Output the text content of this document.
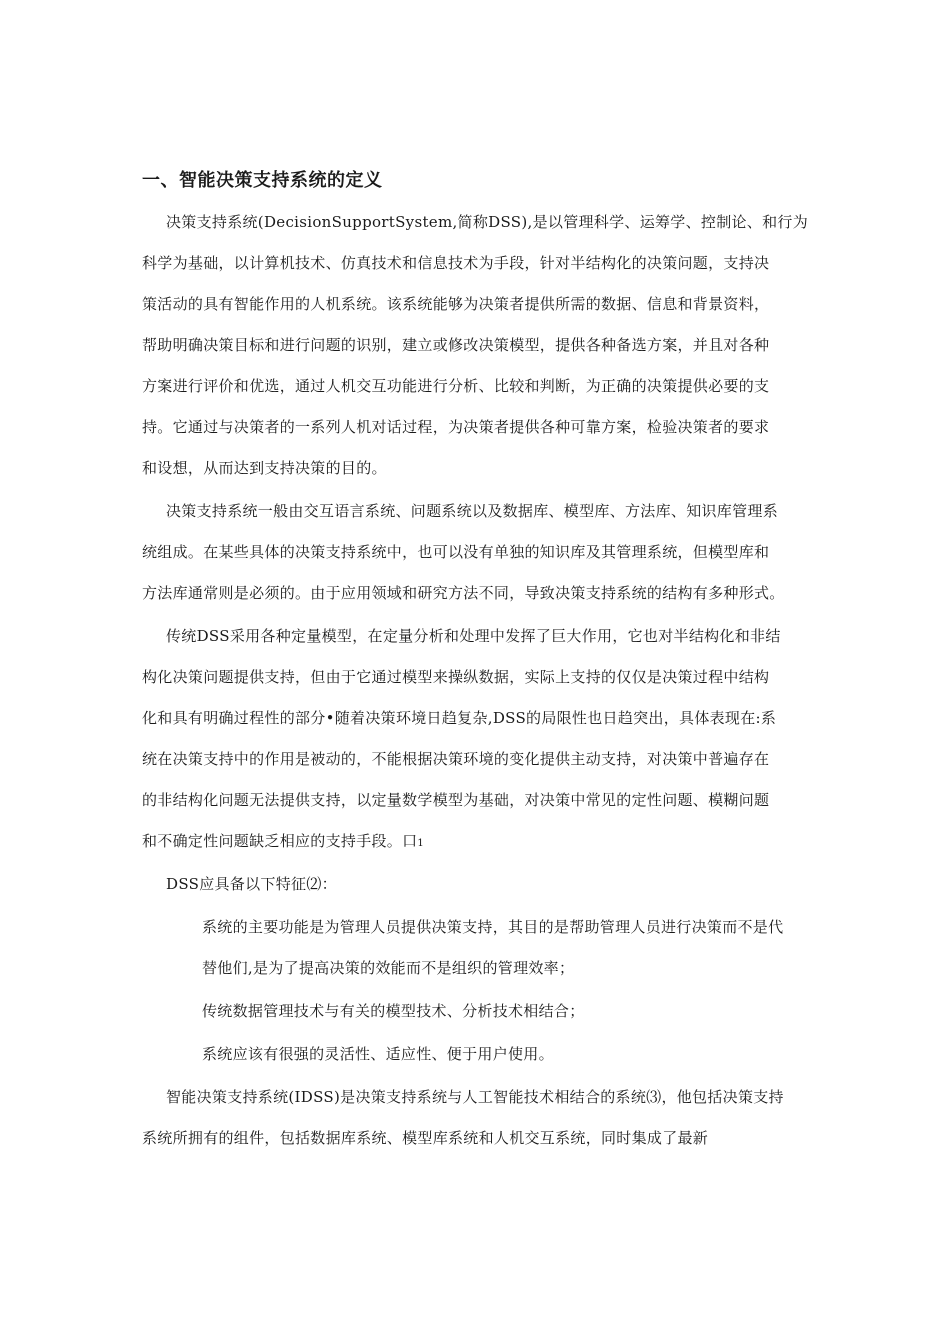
一、智能决策支持系统的定义
决策支持系统(DecisionSupportSystem,简称DSS),是以管理科学、运筹学、控制论、和行为
科学为基础，以计算机技术、仿真技术和信息技术为手段，针对半结构化的决策问题，支持决
策活动的具有智能作用的人机系统。该系统能够为决策者提供所需的数据、信息和背景资料，
帮助明确决策目标和进行问题的识别，建立或修改决策模型，提供各种备选方案，并且对各种
方案进行评价和优选，通过人机交互功能进行分析、比较和判断，为正确的决策提供必要的支
持。它通过与决策者的一系列人机对话过程，为决策者提供各种可靠方案，检验决策者的要求
和设想，从而达到支持决策的目的。
决策支持系统一般由交互语言系统、问题系统以及数据库、模型库、方法库、知识库管理系
统组成。在某些具体的决策支持系统中，也可以没有单独的知识库及其管理系统，但模型库和
方法库通常则是必须的。由于应用领域和研究方法不同，导致决策支持系统的结构有多种形式。
传统DSS采用各种定量模型，在定量分析和处理中发挥了巨大作用，它也对半结构化和非结
构化决策问题提供支持，但由于它通过模型来操纵数据，实际上支持的仅仅是决策过程中结构
化和具有明确过程性的部分•随着决策环境日趋复杂,DSS的局限性也日趋突出，具体表现在:系
统在决策支持中的作用是被动的，不能根据决策环境的变化提供主动支持，对决策中普遍存在
的非结构化问题无法提供支持，以定量数学模型为基础，对决策中常见的定性问题、模糊问题
和不确定性问题缺乏相应的支持手段。口1
DSS应具备以下特征⑵：
系统的主要功能是为管理人员提供决策支持，其目的是帮助管理人员进行决策而不是代
替他们,是为了提高决策的效能而不是组织的管理效率；
传统数据管理技术与有关的模型技术、分析技术相结合；
系统应该有很强的灵活性、适应性、便于用户使用。
智能决策支持系统(IDSS)是决策支持系统与人工智能技术相结合的系统⑶，他包括决策支持
系统所拥有的组件，包括数据库系统、模型库系统和人机交互系统，同时集成了最新
